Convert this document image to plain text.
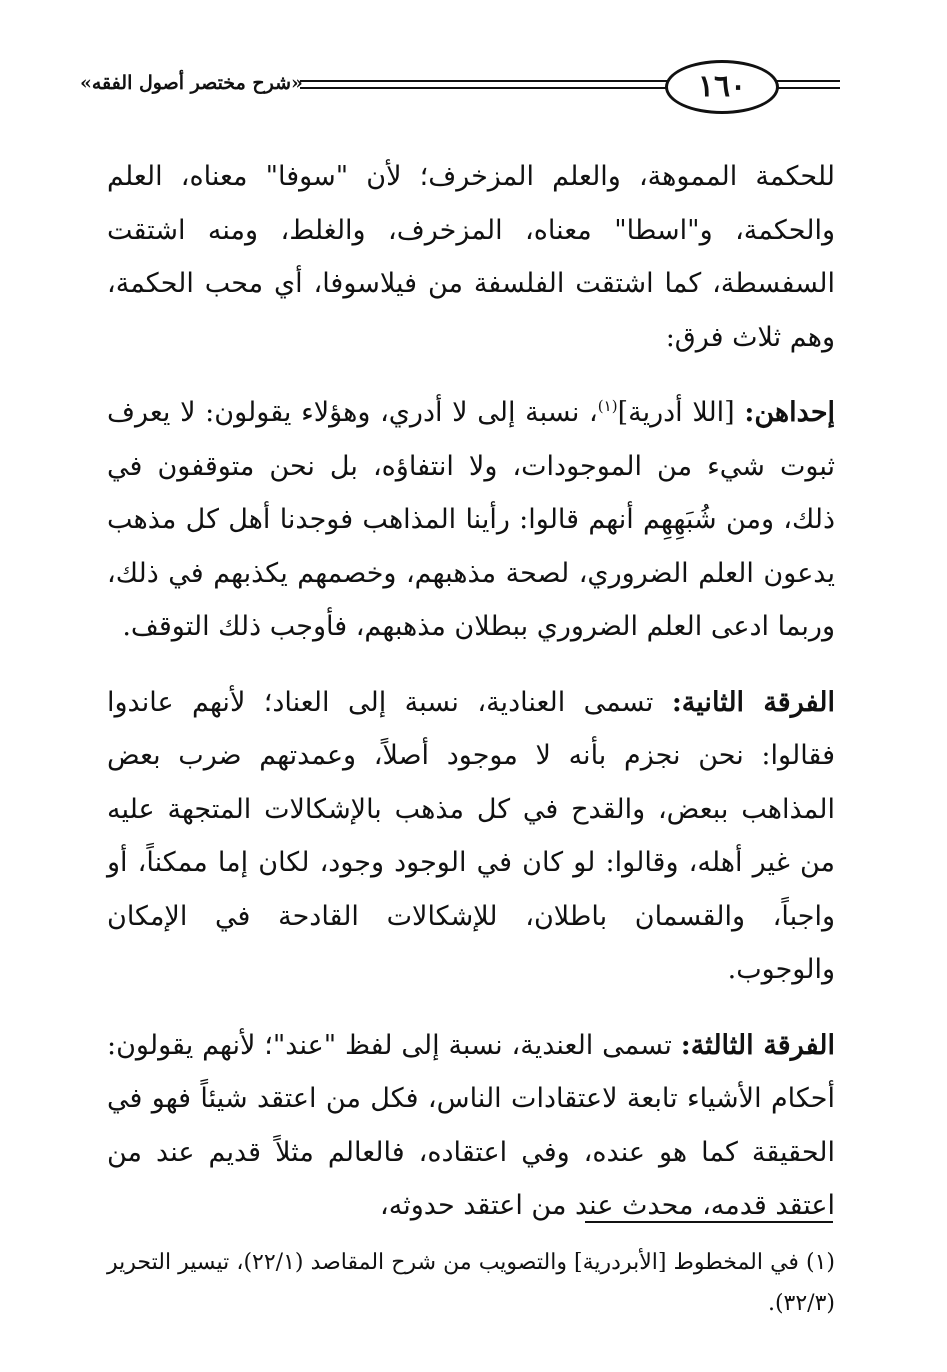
«شرح مختصر أصول الفقه»	١٦٠

للحكمة المموهة، والعلم المزخرف؛ لأن "سوفا" معناه، العلم والحكمة، و"اسطا" معناه، المزخرف، والغلط، ومنه اشتقت السفسطة، كما اشتقت الفلسفة من فيلاسوفا، أي محب الحكمة، وهم ثلاث فرق:

إحداهن: [اللا أدرية]$^{(١)}$، نسبة إلى لا أدري، وهؤلاء يقولون: لا يعرف ثبوت شيء من الموجودات، ولا انتفاؤه، بل نحن متوقفون في ذلك، ومن شُبَهِهِم أنهم قالوا: رأينا المذاهب فوجدنا أهل كل مذهب يدعون العلم الضروري، لصحة مذهبهم، وخصمهم يكذبهم في ذلك، وربما ادعى العلم الضروري ببطلان مذهبهم، فأوجب ذلك التوقف.

الفرقة الثانية: تسمى العنادية، نسبة إلى العناد؛ لأنهم عاندوا فقالوا: نحن نجزم بأنه لا موجود أصلاً، وعمدتهم ضرب بعض المذاهب ببعض، والقدح في كل مذهب بالإشكالات المتجهة عليه من غير أهله، وقالوا: لو كان في الوجود وجود، لكان إما ممكناً، أو واجباً، والقسمان باطلان، للإشكالات القادحة في الإمكان والوجوب.

الفرقة الثالثة: تسمى العندية، نسبة إلى لفظ "عند"؛ لأنهم يقولون: أحكام الأشياء تابعة لاعتقادات الناس، فكل من اعتقد شيئاً فهو في الحقيقة كما هو عنده، وفي اعتقاده، فالعالم مثلاً قديم عند من اعتقد قدمه، محدث عند من اعتقد حدوثه،

(١) في المخطوط [الأبردرية] والتصويب من شرح المقاصد (٢٢/١)، تيسير التحرير (٣٢/٣).
